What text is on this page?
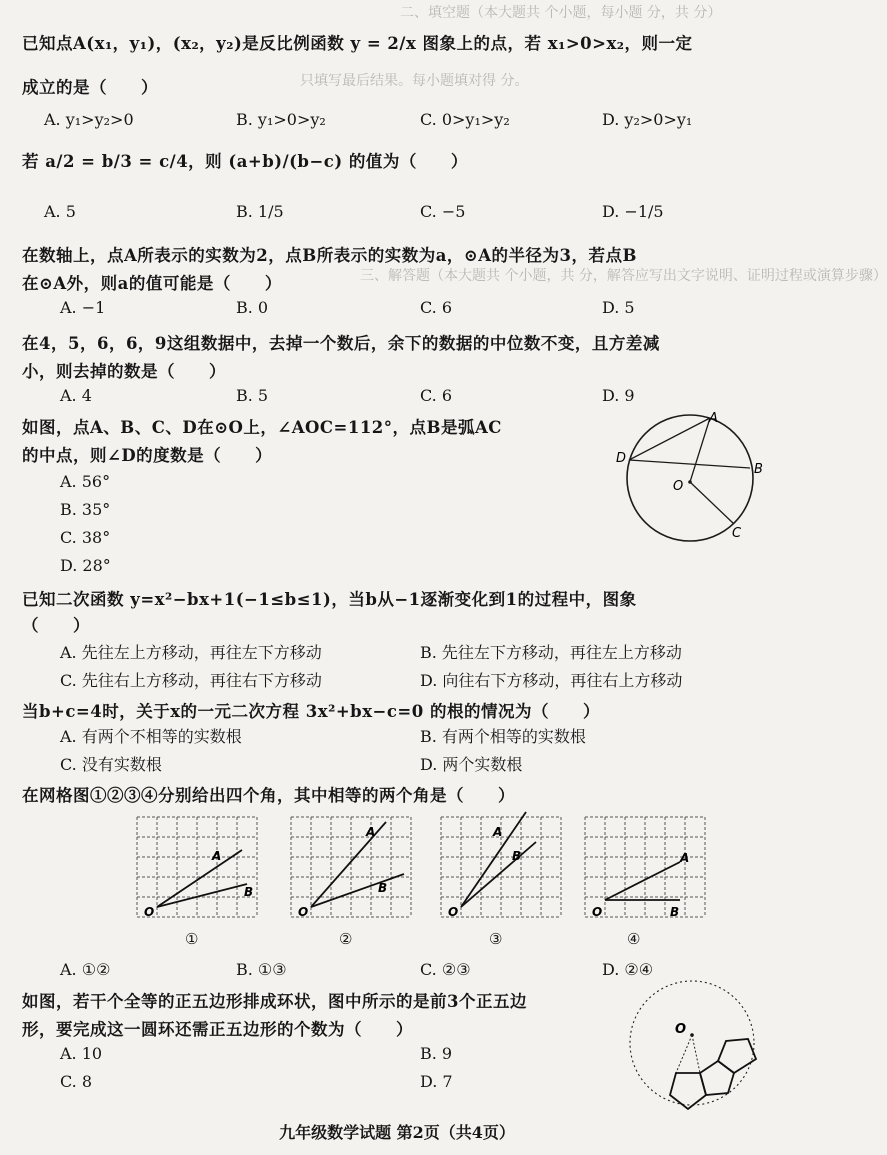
二、填空题（本大题共 个小题，每小题 分，共 分）
只填写最后结果。每小题填对得 分。
三、解答题（本大题共 个小题，共 分，解答应写出文字说明、证明过程或演算步骤）
已知点A(x₁，y₁)，(x₂，y₂)是反比例函数 y = 2/x 图象上的点，若 x₁>0>x₂，则一定
成立的是（　　）
A. y₁>y₂>0	B. y₁>0>y₂	C. 0>y₁>y₂	D. y₂>0>y₁
若 a/2 = b/3 = c/4，则 (a+b)/(b−c) 的值为（　　）
A. 5	B. 1/5	C. −5	D. −1/5
在数轴上，点A所表示的实数为2，点B所表示的实数为a，⊙A的半径为3，若点B
在⊙A外，则a的值可能是（　　）
A. −1	B. 0	C. 6	D. 5
在4，5，6，6，9这组数据中，去掉一个数后，余下的数据的中位数不变，且方差减
小，则去掉的数是（　　）
A. 4	B. 5	C. 6	D. 9
如图，点A、B、C、D在⊙O上，∠AOC=112°，点B是弧AC
的中点，则∠D的度数是（　　）
A. 56°
B. 35°
C. 38°
D. 28°
A
D
B
O
C
已知二次函数 y=x²−bx+1(−1≤b≤1)，当b从−1逐渐变化到1的过程中，图象
（　　）
A. 先往左上方移动，再往左下方移动	B. 先往左下方移动，再往左上方移动
C. 先往右上方移动，再往右下方移动	D. 向往右下方移动，再往右上方移动
当b+c=4时，关于x的一元二次方程 3x²+bx−c=0 的根的情况为（　　）
A. 有两个不相等的实数根	B. 有两个相等的实数根
C. 没有实数根	D. 两个实数根
在网格图①②③④分别给出四个角，其中相等的两个角是（　　）
A
B
O
①
A
B
O
②
A
B
O
③
A
B
O
④
A. ①②	B. ①③	C. ②③	D. ②④
如图，若干个全等的正五边形排成环状，图中所示的是前3个正五边
形，要完成这一圆环还需正五边形的个数为（　　）
A. 10	B. 9
C. 8	D. 7
O
九年级数学试题 第2页（共4页）
